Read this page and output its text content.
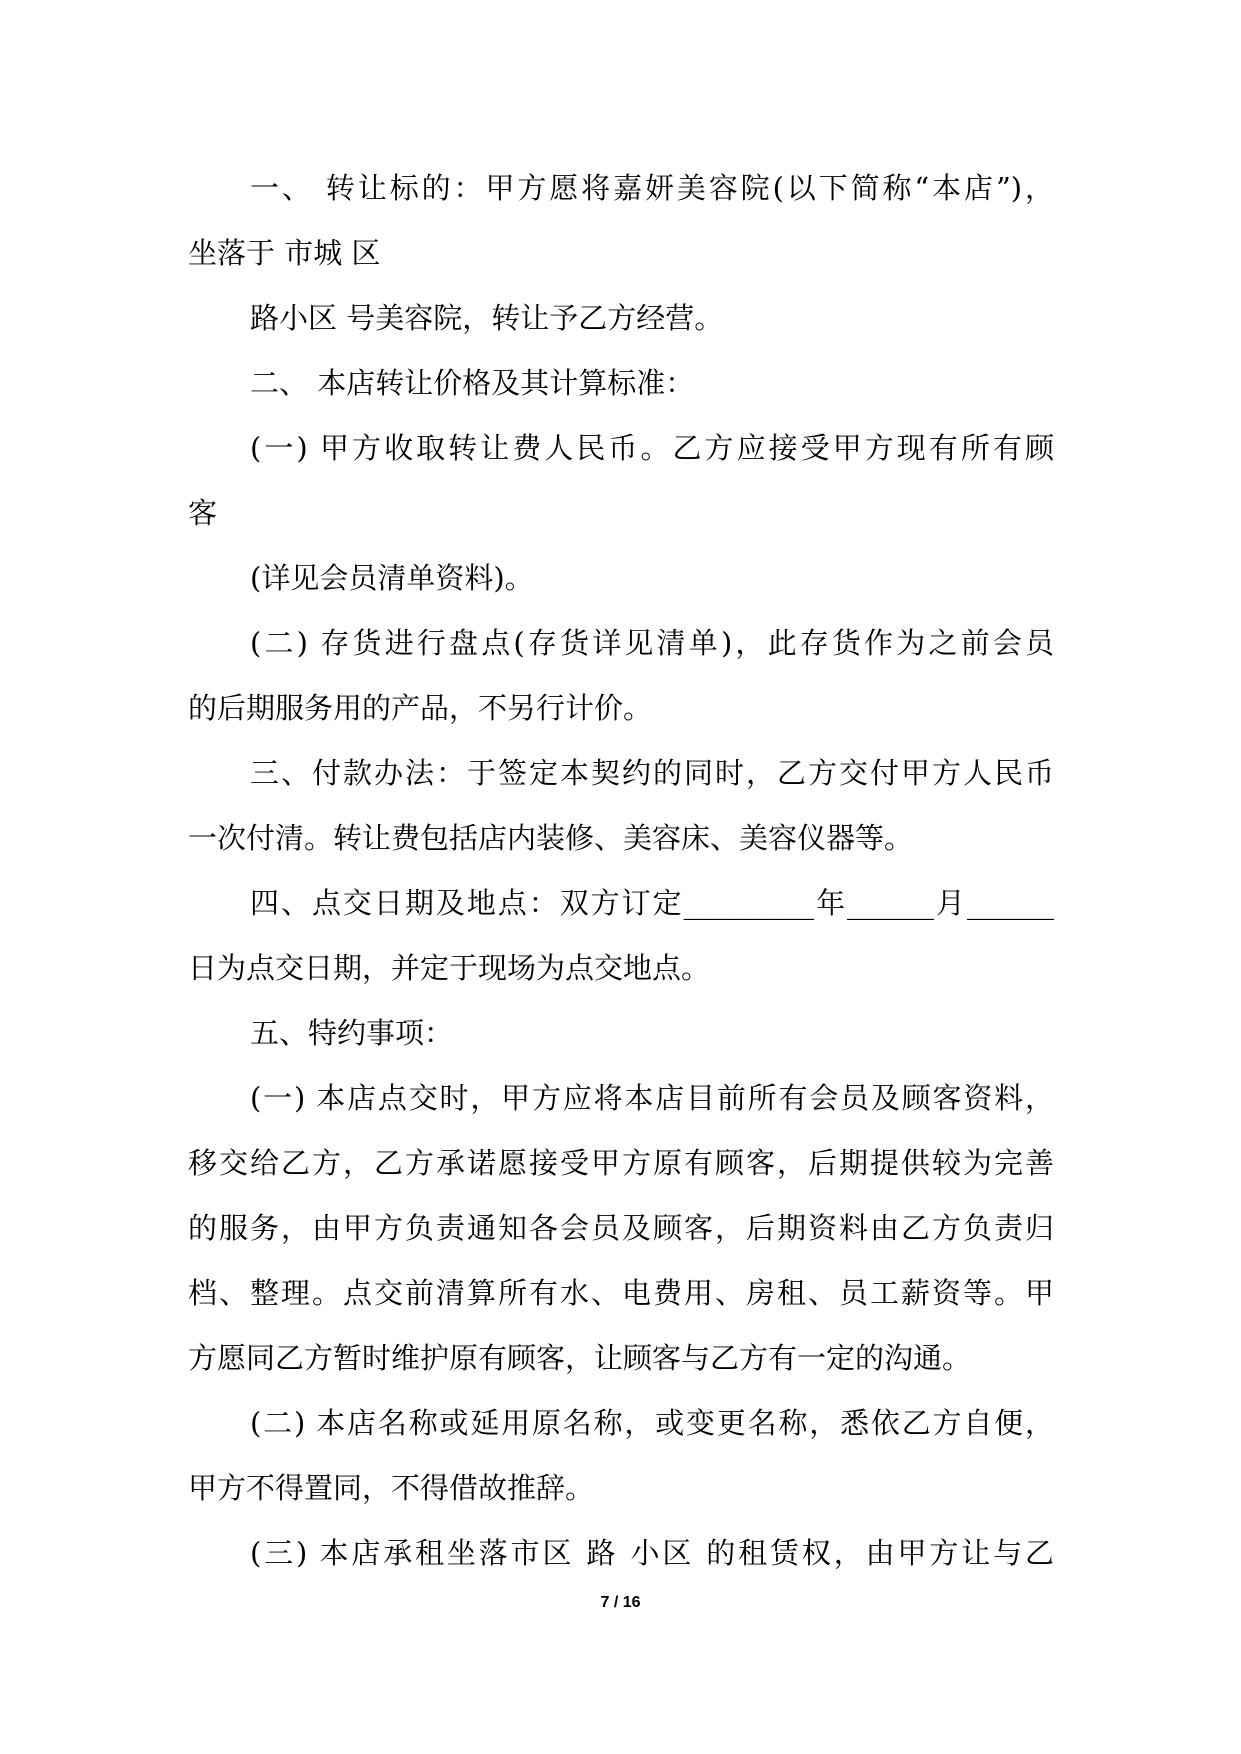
一、 转让标的：甲方愿将嘉妍美容院(以下简称“本店”)，
坐落于 市城 区
路小区 号美容院，转让予乙方经营。
二、 本店转让价格及其计算标准：
(一) 甲方收取转让费人民币。乙方应接受甲方现有所有顾
客
(详见会员清单资料)。
(二) 存货进行盘点(存货详见清单)，此存货作为之前会员
的后期服务用的产品，不另行计价。
三、付款办法：于签定本契约的同时，乙方交付甲方人民币
一次付清。转让费包括店内装修、美容床、美容仪器等。
四、点交日期及地点：双方订定_________年______月______
日为点交日期，并定于现场为点交地点。
五、特约事项：
(一) 本店点交时，甲方应将本店目前所有会员及顾客资料，
移交给乙方，乙方承诺愿接受甲方原有顾客，后期提供较为完善
的服务，由甲方负责通知各会员及顾客，后期资料由乙方负责归
档、整理。点交前清算所有水、电费用、房租、员工薪资等。甲
方愿同乙方暂时维护原有顾客，让顾客与乙方有一定的沟通。
(二) 本店名称或延用原名称，或变更名称，悉依乙方自便，
甲方不得置同，不得借故推辞。
(三) 本店承租坐落市区 路 小区 的租赁权，由甲方让与乙
7 / 16
